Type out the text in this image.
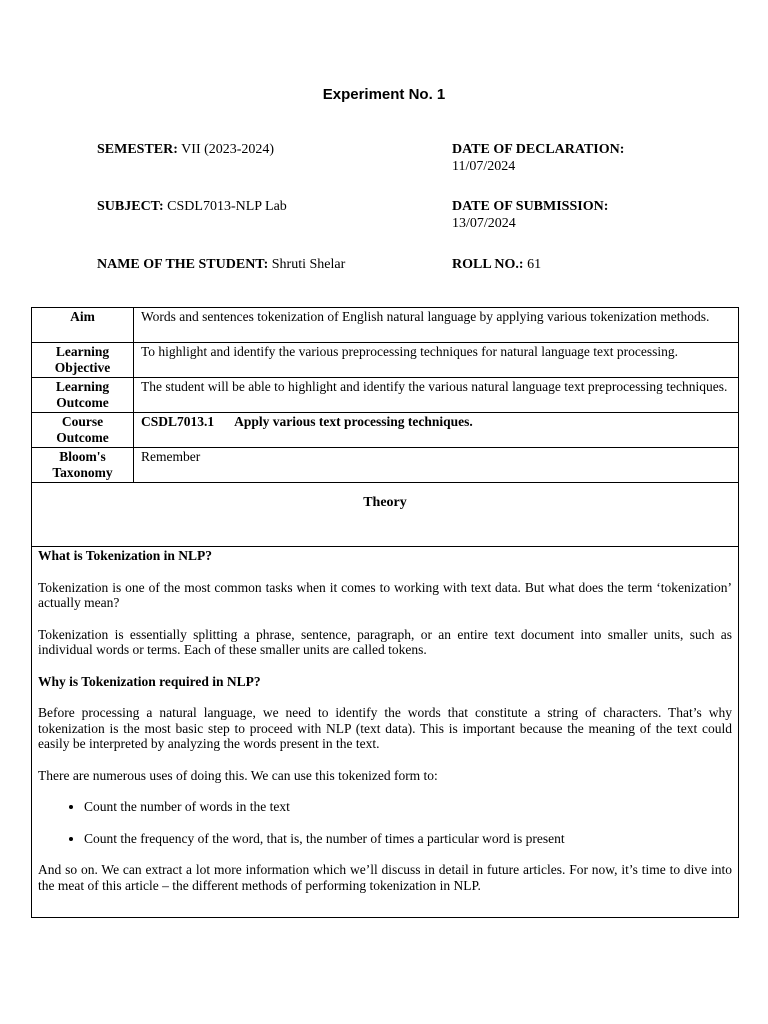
Experiment No. 1
SEMESTER: VII (2023-2024)	DATE OF DECLARATION:
11/07/2024
SUBJECT: CSDL7013-NLP Lab	DATE OF SUBMISSION:
13/07/2024
NAME OF THE STUDENT: Shruti Shelar	ROLL NO.: 61
Aim	Words and sentences tokenization of English natural language by applying various tokenization methods.
Learning
Objective	To highlight and identify the various preprocessing techniques for natural language text processing.
Learning
Outcome	The student will be able to highlight and identify the various natural language text preprocessing techniques.
Course
Outcome	CSDL7013.1 Apply various text processing techniques.
Bloom's
Taxonomy	Remember
Theory

What is Tokenization in NLP?

Tokenization is one of the most common tasks when it comes to working with text data. But what does the term ‘tokenization’ actually mean?

Tokenization is essentially splitting a phrase, sentence, paragraph, or an entire text document into smaller units, such as individual words or terms. Each of these smaller units are called tokens.

Why is Tokenization required in NLP?

Before processing a natural language, we need to identify the words that constitute a string of characters. That’s why tokenization is the most basic step to proceed with NLP (text data). This is important because the meaning of the text could easily be interpreted by analyzing the words present in the text.

There are numerous uses of doing this. We can use this tokenized form to:

• Count the number of words in the text
• Count the frequency of the word, that is, the number of times a particular word is present

And so on. We can extract a lot more information which we’ll discuss in detail in future articles. For now, it’s time to dive into the meat of this article – the different methods of performing tokenization in NLP.
